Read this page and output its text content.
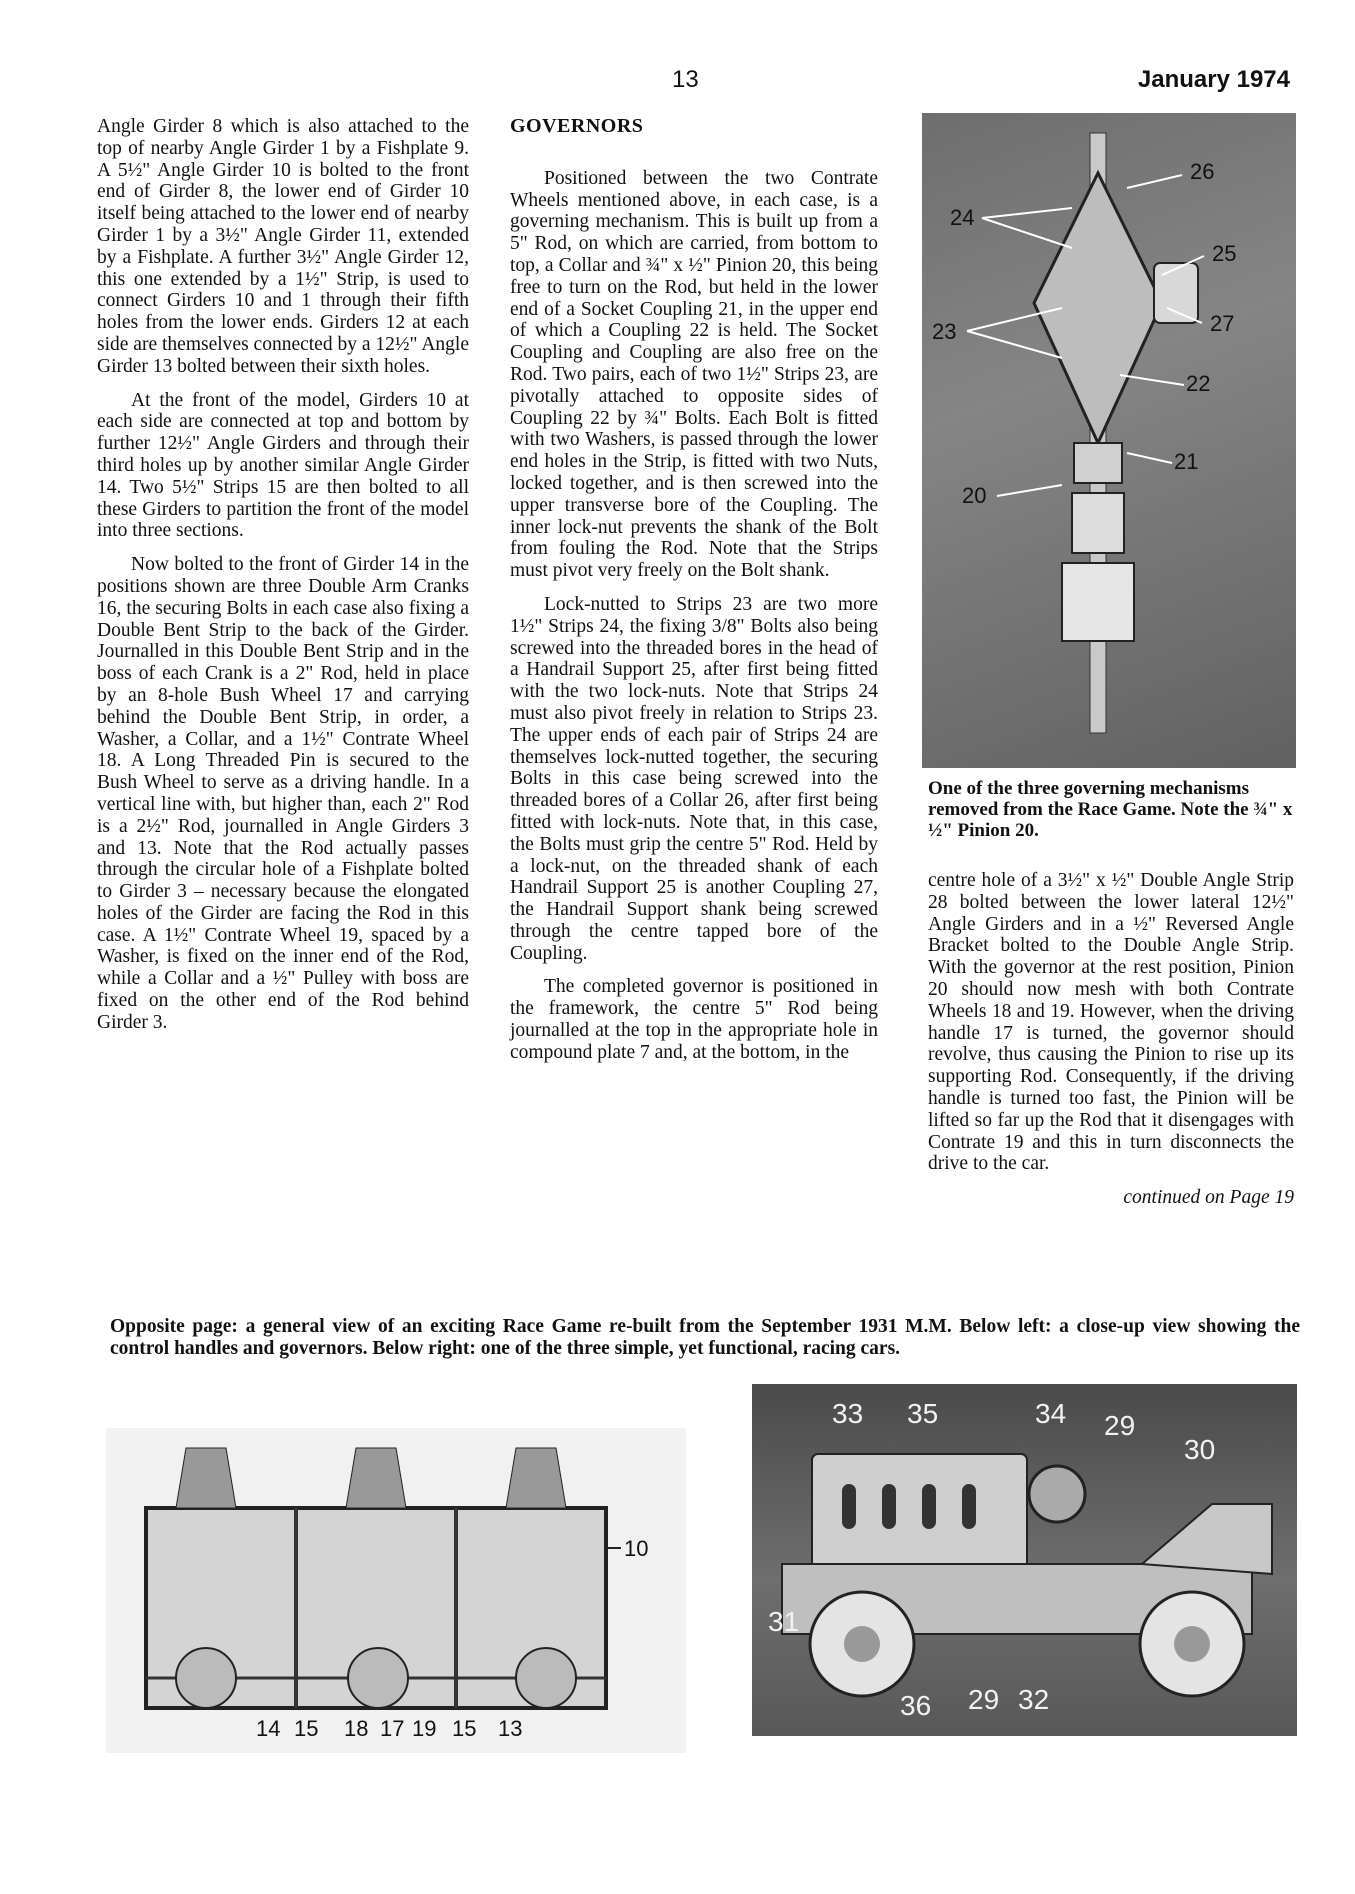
13	January 1974

Angle Girder 8 which is also attached to the top of nearby Angle Girder 1 by a Fishplate 9. A 5½" Angle Girder 10 is bolted to the front end of Girder 8, the lower end of Girder 10 itself being attached to the lower end of nearby Girder 1 by a 3½" Angle Girder 11, extended by a Fishplate. A further 3½" Angle Girder 12, this one extended by a 1½" Strip, is used to connect Girders 10 and 1 through their fifth holes from the lower ends. Girders 12 at each side are themselves connected by a 12½" Angle Girder 13 bolted between their sixth holes.

At the front of the model, Girders 10 at each side are connected at top and bottom by further 12½" Angle Girders and through their third holes up by another similar Angle Girder 14. Two 5½" Strips 15 are then bolted to all these Girders to partition the front of the model into three sections.

Now bolted to the front of Girder 14 in the positions shown are three Double Arm Cranks 16, the securing Bolts in each case also fixing a Double Bent Strip to the back of the Girder. Journalled in this Double Bent Strip and in the boss of each Crank is a 2" Rod, held in place by an 8-hole Bush Wheel 17 and carrying behind the Double Bent Strip, in order, a Washer, a Collar, and a 1½" Contrate Wheel 18. A Long Threaded Pin is secured to the Bush Wheel to serve as a driving handle. In a vertical line with, but higher than, each 2" Rod is a 2½" Rod, journalled in Angle Girders 3 and 13. Note that the Rod actually passes through the circular hole of a Fishplate bolted to Girder 3 – necessary because the elongated holes of the Girder are facing the Rod in this case. A 1½" Contrate Wheel 19, spaced by a Washer, is fixed on the inner end of the Rod, while a Collar and a ½" Pulley with boss are fixed on the other end of the Rod behind Girder 3.

GOVERNORS

Positioned between the two Contrate Wheels mentioned above, in each case, is a governing mechanism. This is built up from a 5" Rod, on which are carried, from bottom to top, a Collar and ¾" x ½" Pinion 20, this being free to turn on the Rod, but held in the lower end of a Socket Coupling 21, in the upper end of which a Coupling 22 is held. The Socket Coupling and Coupling are also free on the Rod. Two pairs, each of two 1½" Strips 23, are pivotally attached to opposite sides of Coupling 22 by ¾" Bolts. Each Bolt is fitted with two Washers, is passed through the lower end holes in the Strip, is fitted with two Nuts, locked together, and is then screwed into the upper transverse bore of the Coupling. The inner lock-nut prevents the shank of the Bolt from fouling the Rod. Note that the Strips must pivot very freely on the Bolt shank.

Lock-nutted to Strips 23 are two more 1½" Strips 24, the fixing 3/8" Bolts also being screwed into the threaded bores in the head of a Handrail Support 25, after first being fitted with the two lock-nuts. Note that Strips 24 must also pivot freely in relation to Strips 23. The upper ends of each pair of Strips 24 are themselves lock-nutted together, the securing Bolts in this case being screwed into the threaded bores of a Collar 26, after first being fitted with lock-nuts. Note that, in this case, the Bolts must grip the centre 5" Rod. Held by a lock-nut, on the threaded shank of each Handrail Support 25 is another Coupling 27, the Handrail Support shank being screwed through the centre tapped bore of the Coupling.

The completed governor is positioned in the framework, the centre 5" Rod being journalled at the top in the appropriate hole in compound plate 7 and, at the bottom, in the

26
24
25
23	27
22
21
20
One of the three governing mechanisms removed from the Race Game. Note the ¾" x ½" Pinion 20.

centre hole of a 3½" x ½" Double Angle Strip 28 bolted between the lower lateral 12½" Angle Girders and in a ½" Reversed Angle Bracket bolted to the Double Angle Strip. With the governor at the rest position, Pinion 20 should now mesh with both Contrate Wheels 18 and 19. However, when the driving handle 17 is turned, the governor should revolve, thus causing the Pinion to rise up its supporting Rod. Consequently, if the driving handle is turned too fast, the Pinion will be lifted so far up the Rod that it disengages with Contrate 19 and this in turn disconnects the drive to the car.

continued on Page 19
Opposite page: a general view of an exciting Race Game re-built from the September 1931 M.M. Below left: a close-up view showing the control handles and governors. Below right: one of the three simple, yet functional, racing cars.
10
14 15 18 17 19 15 13
33 35	34 29
30
31
36 29 32
